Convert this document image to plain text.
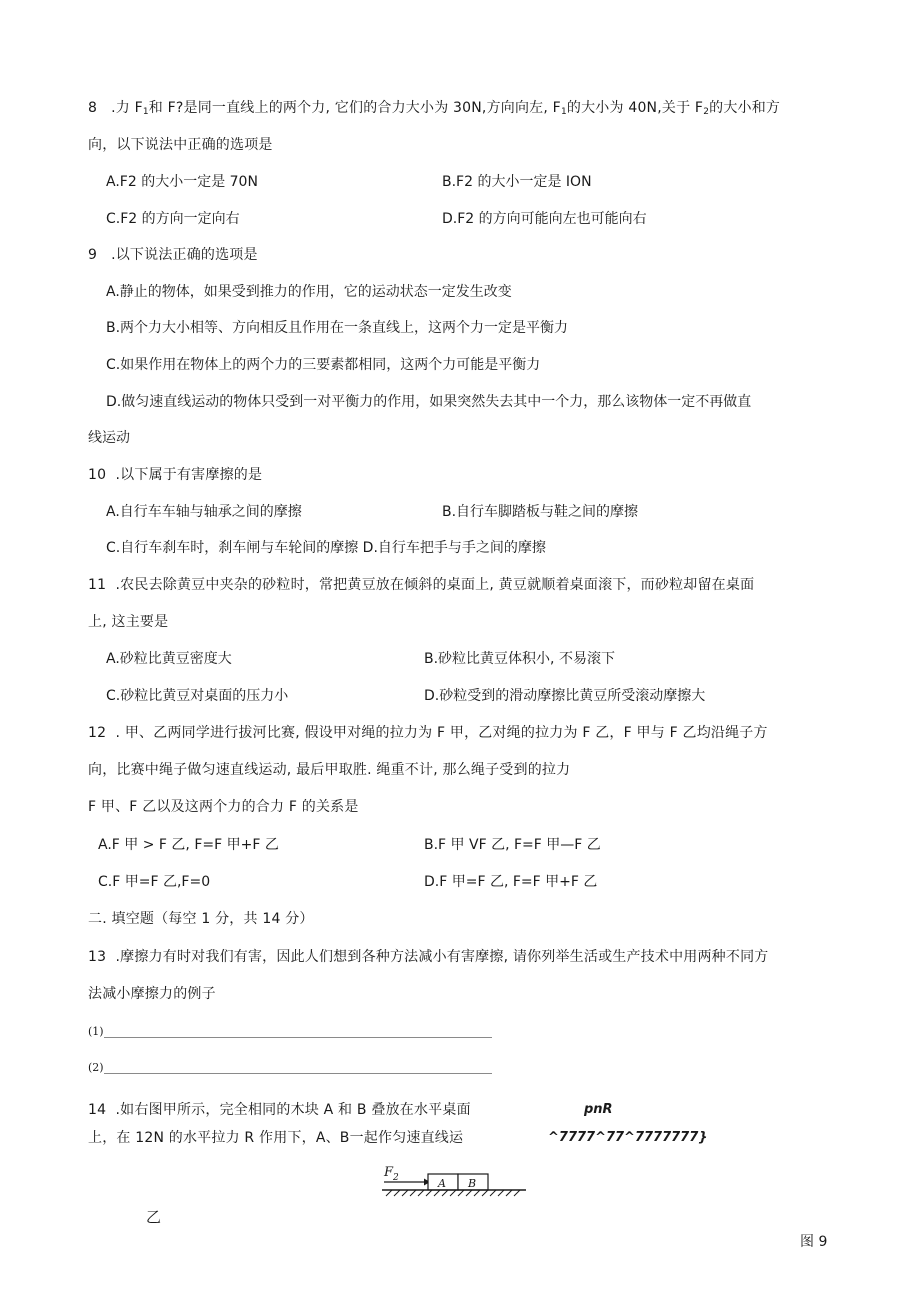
8 .力 $F_1$和 F?是同一直线上的两个力, 它们的合力大小为 30N,方向向左, $F_1$的大小为 40N,关于 $F_2$的大小和方
向，以下说法中正确的选项是
A.F2 的大小一定是 70N	B.F2 的大小一定是 ION
C.F2 的方向一定向右	D.F2 的方向可能向左也可能向右
9 .以下说法正确的选项是
A.静止的物体，如果受到推力的作用，它的运动状态一定发生改变
B.两个力大小相等、方向相反且作用在一条直线上，这两个力一定是平衡力
C.如果作用在物体上的两个力的三要素都相同，这两个力可能是平衡力
D.做匀速直线运动的物体只受到一对平衡力的作用，如果突然失去其中一个力，那么该物体一定不再做直
线运动
10 .以下属于有害摩擦的是
A.自行车车轴与轴承之间的摩擦	B.自行车脚踏板与鞋之间的摩擦
C.自行车刹车时，刹车闸与车轮间的摩擦 D.自行车把手与手之间的摩擦
11 .农民去除黄豆中夹杂的砂粒时，常把黄豆放在倾斜的桌面上, 黄豆就顺着桌面滚下，而砂粒却留在桌面
上, 这主要是
A.砂粒比黄豆密度大	B.砂粒比黄豆体积小, 不易滚下
C.砂粒比黄豆对桌面的压力小	D.砂粒受到的滑动摩擦比黄豆所受滚动摩擦大
12 . 甲、乙两同学进行拔河比赛, 假设甲对绳的拉力为 F 甲，乙对绳的拉力为 F 乙，F 甲与 F 乙均沿绳子方
向，比赛中绳子做匀速直线运动, 最后甲取胜. 绳重不计, 那么绳子受到的拉力
F 甲、F 乙以及这两个力的合力 F 的关系是
A.F 甲 > F 乙, F=F 甲+F 乙	B.F 甲 VF 乙, F=F 甲—F 乙
C.F 甲=F 乙,F=0	D.F 甲=F 乙, F=F 甲+F 乙
二. 填空题（每空 1 分，共 14 分）
13 .摩擦力有时对我们有害，因此人们想到各种方法减小有害摩擦, 请你列举生活或生产技术中用两种不同方
法减小摩擦力的例子
(1)
(2)
14 .如右图甲所示，完全相同的木块 A 和 B 叠放在水平桌面
上，在 12N 的水平拉力 R 作用下，A、B一起作匀速直线运
pnR
^7777^77^7777777}
F 2	A B
乙
图 9
